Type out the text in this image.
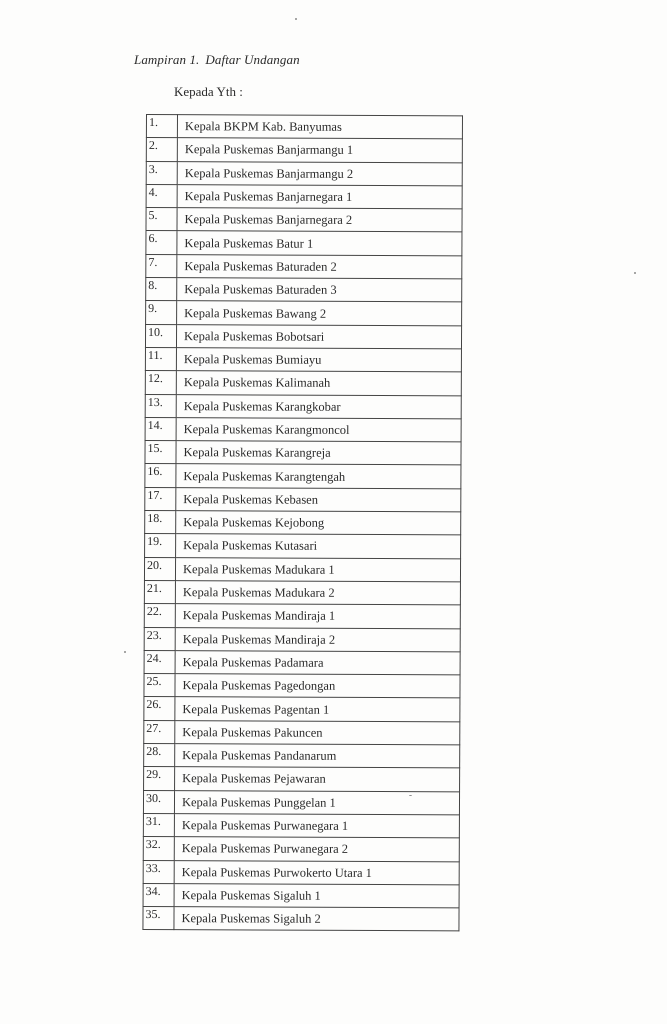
Lampiran 1. Daftar Undangan
Kepada Yth :
1.	Kepala BKPM Kab. Banyumas
2.	Kepala Puskemas Banjarmangu 1
3.	Kepala Puskemas Banjarmangu 2
4.	Kepala Puskemas Banjarnegara 1
5.	Kepala Puskemas Banjarnegara 2
6.	Kepala Puskemas Batur 1
7.	Kepala Puskemas Baturaden 2
8.	Kepala Puskemas Baturaden 3
9.	Kepala Puskemas Bawang 2
10.	Kepala Puskemas Bobotsari
11.	Kepala Puskemas Bumiayu
12.	Kepala Puskemas Kalimanah
13.	Kepala Puskemas Karangkobar
14.	Kepala Puskemas Karangmoncol
15.	Kepala Puskemas Karangreja
16.	Kepala Puskemas Karangtengah
17.	Kepala Puskemas Kebasen
18.	Kepala Puskemas Kejobong
19.	Kepala Puskemas Kutasari
20.	Kepala Puskemas Madukara 1
21.	Kepala Puskemas Madukara 2
22.	Kepala Puskemas Mandiraja 1
23.	Kepala Puskemas Mandiraja 2
24.	Kepala Puskemas Padamara
25.	Kepala Puskemas Pagedongan
26.	Kepala Puskemas Pagentan 1
27.	Kepala Puskemas Pakuncen
28.	Kepala Puskemas Pandanarum
29.	Kepala Puskemas Pejawaran
30.	Kepala Puskemas Punggelan 1
31.	Kepala Puskemas Purwanegara 1
32.	Kepala Puskemas Purwanegara 2
33.	Kepala Puskemas Purwokerto Utara 1
34.	Kepala Puskemas Sigaluh 1
35.	Kepala Puskemas Sigaluh 2
